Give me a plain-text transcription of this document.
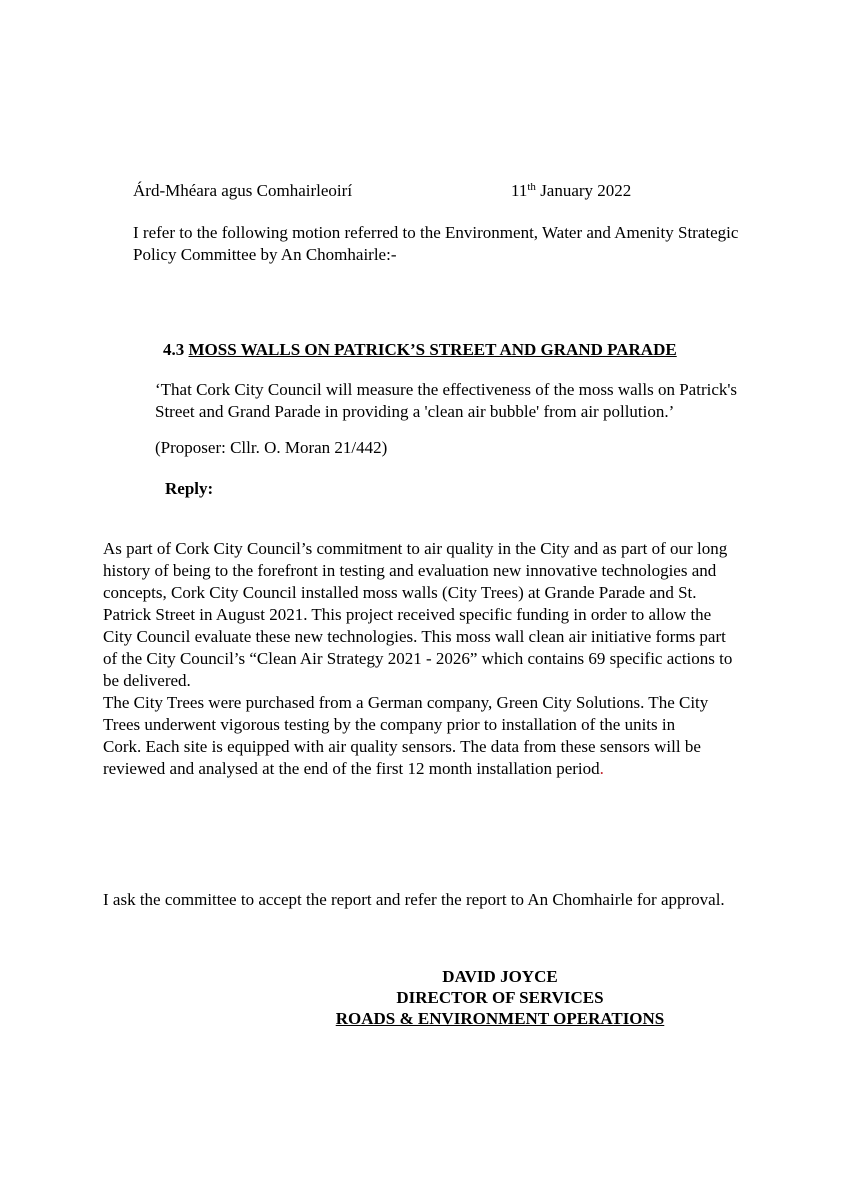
Árd-Mhéara agus Comhairleoirí	11th January 2022
I refer to the following motion referred to the Environment, Water and Amenity Strategic
Policy Committee by An Chomhairle:-
4.3 MOSS WALLS ON PATRICK’S STREET AND GRAND PARADE
‘That Cork City Council will measure the effectiveness of the moss walls on Patrick's
Street and Grand Parade in providing a 'clean air bubble' from air pollution.’
(Proposer: Cllr. O. Moran 21/442)
Reply:
As part of Cork City Council’s commitment to air quality in the City and as part of our long
history of being to the forefront in testing and evaluation new innovative technologies and
concepts, Cork City Council installed moss walls (City Trees) at Grande Parade and St.
Patrick Street in August 2021. This project received specific funding in order to allow the
City Council evaluate these new technologies. This moss wall clean air initiative forms part
of the City Council’s “Clean Air Strategy 2021 - 2026” which contains 69 specific actions to
be delivered.
The City Trees were purchased from a German company, Green City Solutions. The City
Trees underwent vigorous testing by the company prior to installation of the units in
Cork. Each site is equipped with air quality sensors. The data from these sensors will be
reviewed and analysed at the end of the first 12 month installation period.
I ask the committee to accept the report and refer the report to An Chomhairle for approval.
DAVID JOYCE
DIRECTOR OF SERVICES
ROADS & ENVIRONMENT OPERATIONS
